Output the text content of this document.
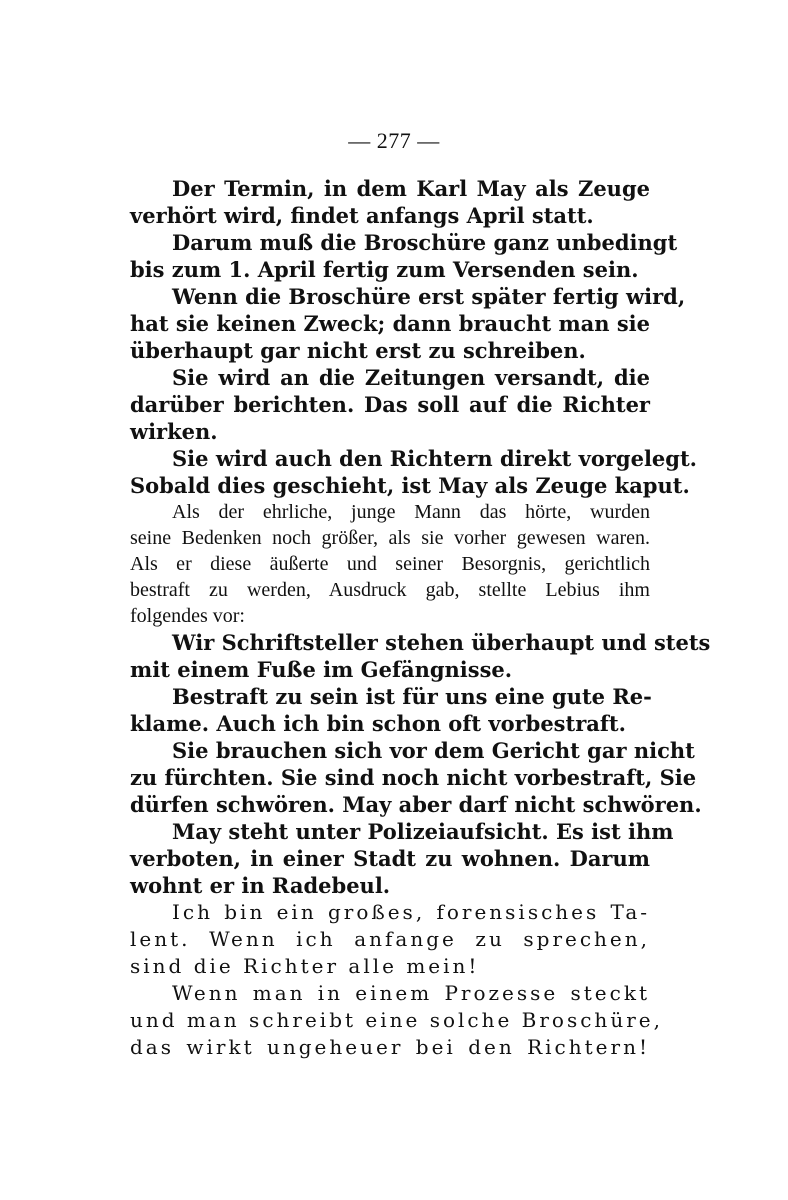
— 277 —
Der Termin, in dem Karl May als Zeuge
verhört wird, findet anfangs April statt.
Darum muß die Broschüre ganz unbedingt
bis zum 1. April fertig zum Versenden sein.
Wenn die Broschüre erst später fertig wird,
hat sie keinen Zweck; dann braucht man sie
überhaupt gar nicht erst zu schreiben.
Sie wird an die Zeitungen versandt, die
darüber berichten. Das soll auf die Richter
wirken.
Sie wird auch den Richtern direkt vorgelegt.
Sobald dies geschieht, ist May als Zeuge kaput.
Als der ehrliche, junge Mann das hörte, wurden
seine Bedenken noch größer, als sie vorher gewesen waren.
Als er diese äußerte und seiner Besorgnis, gerichtlich
bestraft zu werden, Ausdruck gab, stellte Lebius ihm
folgendes vor:
Wir Schriftsteller stehen überhaupt und stets
mit einem Fuße im Gefängnisse.
Bestraft zu sein ist für uns eine gute Re-
klame. Auch ich bin schon oft vorbestraft.
Sie brauchen sich vor dem Gericht gar nicht
zu fürchten. Sie sind noch nicht vorbestraft, Sie
dürfen schwören. May aber darf nicht schwören.
May steht unter Polizeiaufsicht. Es ist ihm
verboten, in einer Stadt zu wohnen. Darum
wohnt er in Radebeul.
Ich bin ein großes, forensisches Ta-
lent. Wenn ich anfange zu sprechen,
sind die Richter alle mein!
Wenn man in einem Prozesse steckt
und man schreibt eine solche Broschüre,
das wirkt ungeheuer bei den Richtern!
